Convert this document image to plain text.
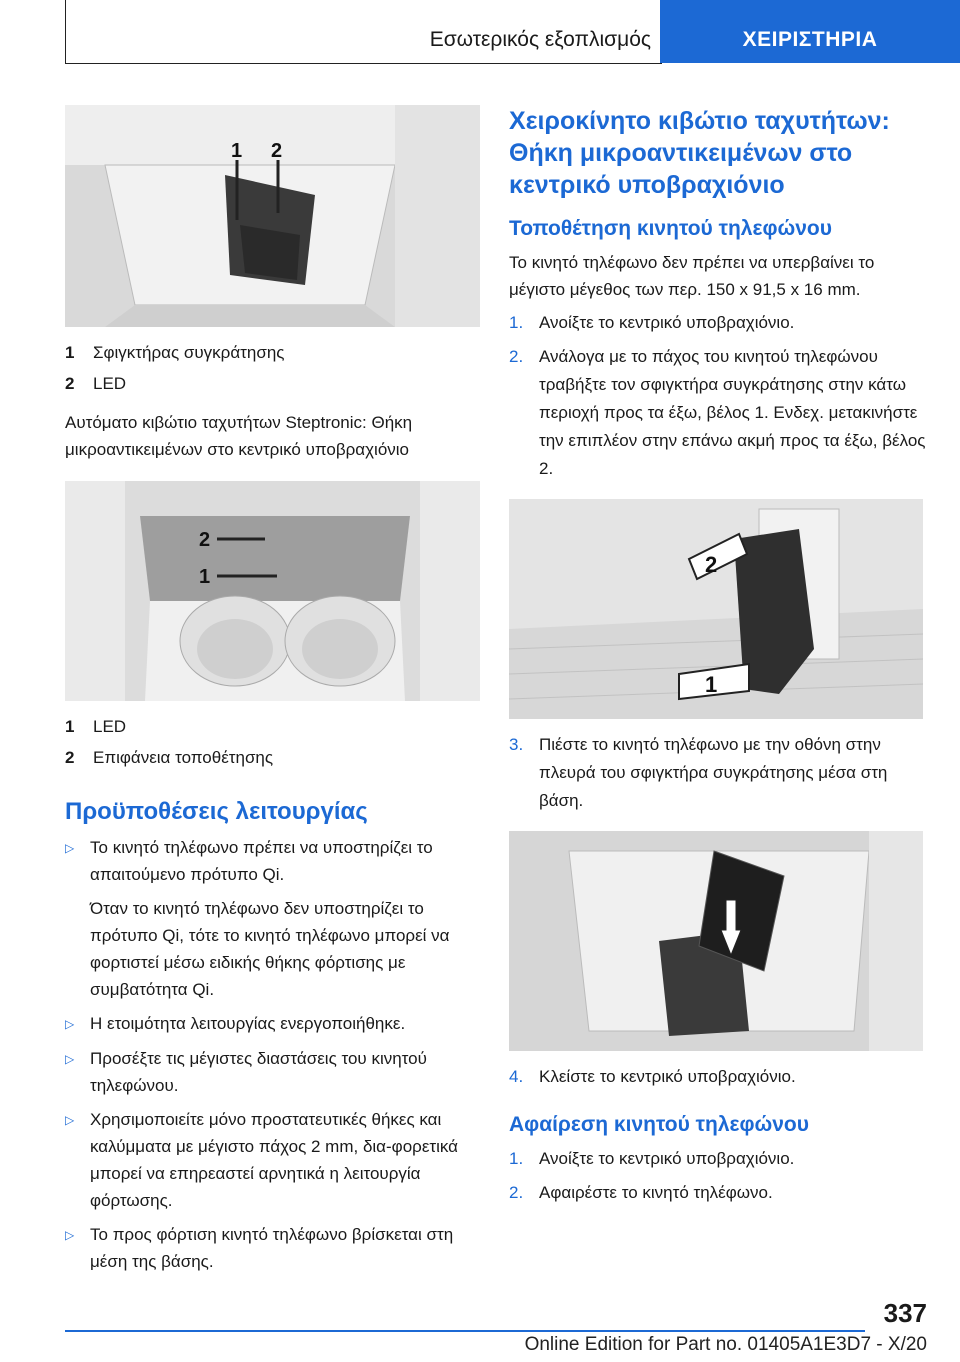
Εσωτερικός εξοπλισμός	ΧΕΙΡΙΣΤΗΡΙΑ
1 2
1	Σφιγκτήρας συγκράτησης
2	LED

Αυτόματο κιβώτιο ταχυτήτων Steptronic: Θήκη μικροαντικειμένων στο κεντρικό υποβραχιόνιο

2
1
1	LED
2	Επιφάνεια τοποθέτησης
Προϋποθέσεις λειτουργίας
▷ Το κινητό τηλέφωνο πρέπει να υποστηρίζει το απαιτούμενο πρότυπο Qi.
Όταν το κινητό τηλέφωνο δεν υποστηρίζει το πρότυπο Qi, τότε το κινητό τηλέφωνο μπορεί να φορτιστεί μέσω ειδικής θήκης φόρτισης με συμβατότητα Qi.
▷ Η ετοιμότητα λειτουργίας ενεργοποιήθηκε.
▷ Προσέξτε τις μέγιστες διαστάσεις του κινητού τηλεφώνου.
▷ Χρησιμοποιείτε μόνο προστατευτικές θήκες και καλύμματα με μέγιστο πάχος 2 mm, δια-φορετικά μπορεί να επηρεαστεί αρνητικά η λειτουργία φόρτωσης.
▷ Το προς φόρτιση κινητό τηλέφωνο βρίσκεται στη μέση της βάσης.
Χειροκίνητο κιβώτιο ταχυτήτων: Θήκη μικροαντικειμένων στο κεντρικό υποβραχιόνιο
Τοποθέτηση κινητού τηλεφώνου

Το κινητό τηλέφωνο δεν πρέπει να υπερβαίνει το μέγιστο μέγεθος των περ. 150 x 91,5 x 16 mm.

1. Ανοίξτε το κεντρικό υποβραχιόνιο.
2. Ανάλογα με το πάχος του κινητού τηλεφώνου τραβήξτε τον σφιγκτήρα συγκράτησης στην κάτω περιοχή προς τα έξω, βέλος 1. Ενδεχ. μετακινήστε την επιπλέον στην επάνω ακμή προς τα έξω, βέλος 2.
2
1
3. Πιέστε το κινητό τηλέφωνο με την οθόνη στην πλευρά του σφιγκτήρα συγκράτησης μέσα στη βάση.
4. Κλείστε το κεντρικό υποβραχιόνιο.
Αφαίρεση κινητού τηλεφώνου
1. Ανοίξτε το κεντρικό υποβραχιόνιο.
2. Αφαιρέστε το κινητό τηλέφωνο.
337
Online Edition for Part no. 01405A1E3D7 - X/20
